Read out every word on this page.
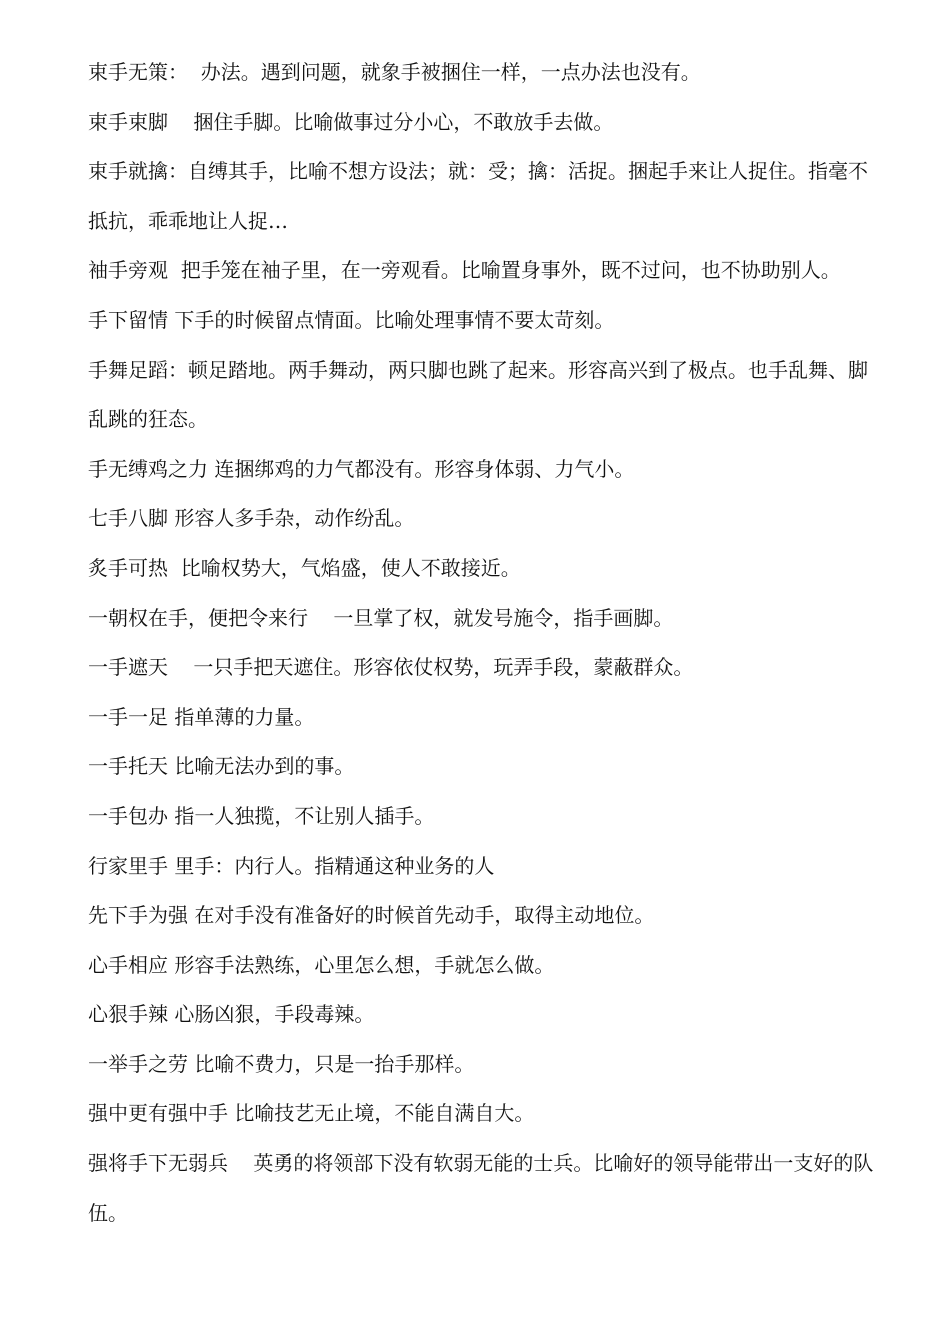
束手无策：  办法。遇到问题，就象手被捆住一样，一点办法也没有。

束手束脚    捆住手脚。比喻做事过分小心，不敢放手去做。

束手就擒：自缚其手，比喻不想方设法；就：受；擒：活捉。捆起手来让人捉住。指毫不抵抗，乖乖地让人捉…

袖手旁观  把手笼在袖子里，在一旁观看。比喻置身事外，既不过问，也不协助别人。

手下留情 下手的时候留点情面。比喻处理事情不要太苛刻。

手舞足蹈：顿足踏地。两手舞动，两只脚也跳了起来。形容高兴到了极点。也手乱舞、脚乱跳的狂态。

手无缚鸡之力 连捆绑鸡的力气都没有。形容身体弱、力气小。

七手八脚 形容人多手杂，动作纷乱。

炙手可热  比喻权势大，气焰盛，使人不敢接近。

一朝权在手，便把令来行    一旦掌了权，就发号施令，指手画脚。

一手遮天    一只手把天遮住。形容依仗权势，玩弄手段，蒙蔽群众。

一手一足 指单薄的力量。

一手托天 比喻无法办到的事。

一手包办 指一人独揽，不让别人插手。

行家里手 里手：内行人。指精通这种业务的人

先下手为强 在对手没有准备好的时候首先动手，取得主动地位。

心手相应 形容手法熟练，心里怎么想，手就怎么做。

心狠手辣 心肠凶狠，手段毒辣。

一举手之劳 比喻不费力，只是一抬手那样。

强中更有强中手 比喻技艺无止境，不能自满自大。

强将手下无弱兵    英勇的将领部下没有软弱无能的士兵。比喻好的领导能带出一支好的队伍。
